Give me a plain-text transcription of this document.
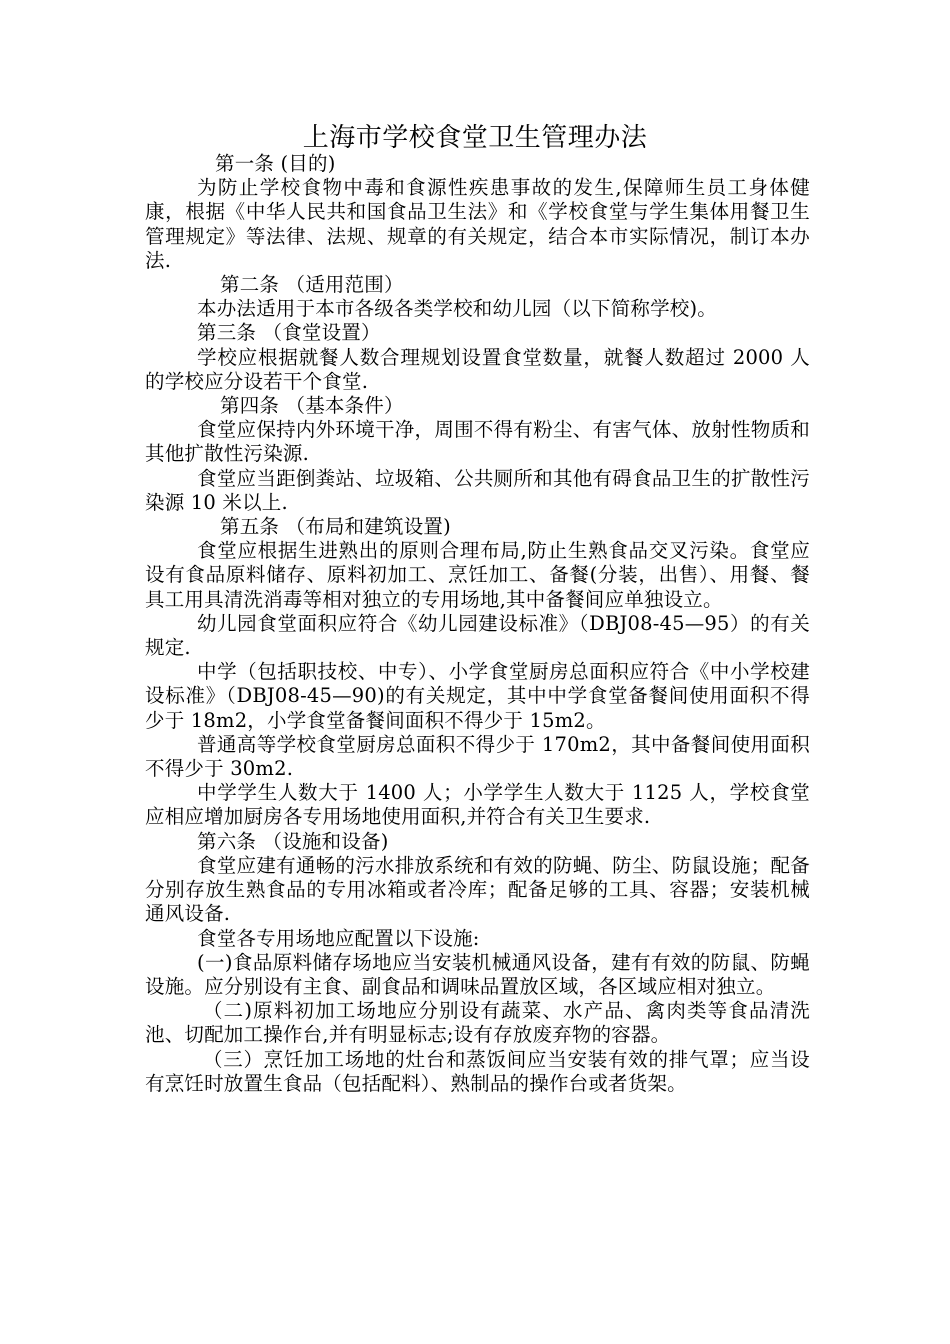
上海市学校食堂卫生管理办法

第一条 (目的)

为防止学校食物中毒和食源性疾患事故的发生,保障师生员工身体健康，根据《中华人民共和国食品卫生法》和《学校食堂与学生集体用餐卫生管理规定》等法律、法规、规章的有关规定，结合本市实际情况，制订本办法.

第二条 （适用范围）

本办法适用于本市各级各类学校和幼儿园（以下简称学校)。

第三条 （食堂设置）

学校应根据就餐人数合理规划设置食堂数量，就餐人数超过 2000 人的学校应分设若干个食堂.

第四条 （基本条件）

食堂应保持内外环境干净，周围不得有粉尘、有害气体、放射性物质和其他扩散性污染源.

食堂应当距倒粪站、垃圾箱、公共厕所和其他有碍食品卫生的扩散性污染源 10 米以上.

第五条 （布局和建筑设置)

食堂应根据生进熟出的原则合理布局,防止生熟食品交叉污染。食堂应设有食品原料储存、原料初加工、烹饪加工、备餐(分装，出售）、用餐、餐具工用具清洗消毒等相对独立的专用场地,其中备餐间应单独设立。

幼儿园食堂面积应符合《幼儿园建设标准》（DBJ08-45—95）的有关规定.

中学（包括职技校、中专）、小学食堂厨房总面积应符合《中小学校建设标准》（DBJ08-45—90)的有关规定，其中中学食堂备餐间使用面积不得少于 18m2，小学食堂备餐间面积不得少于 15m2。

普通高等学校食堂厨房总面积不得少于 170m2，其中备餐间使用面积不得少于 30m2.

中学学生人数大于 1400 人；小学学生人数大于 1125 人，学校食堂应相应增加厨房各专用场地使用面积,并符合有关卫生要求.

第六条 （设施和设备)

食堂应建有通畅的污水排放系统和有效的防蝇、防尘、防鼠设施；配备分别存放生熟食品的专用冰箱或者冷库；配备足够的工具、容器；安装机械通风设备.

食堂各专用场地应配置以下设施:

(一)食品原料储存场地应当安装机械通风设备，建有有效的防鼠、防蝇设施。应分别设有主食、副食品和调味品置放区域，各区域应相对独立。

（二)原料初加工场地应分别设有蔬菜、水产品、禽肉类等食品清洗池、切配加工操作台,并有明显标志;设有存放废弃物的容器。

（三）烹饪加工场地的灶台和蒸饭间应当安装有效的排气罩；应当设有烹饪时放置生食品（包括配料）、熟制品的操作台或者货架。
